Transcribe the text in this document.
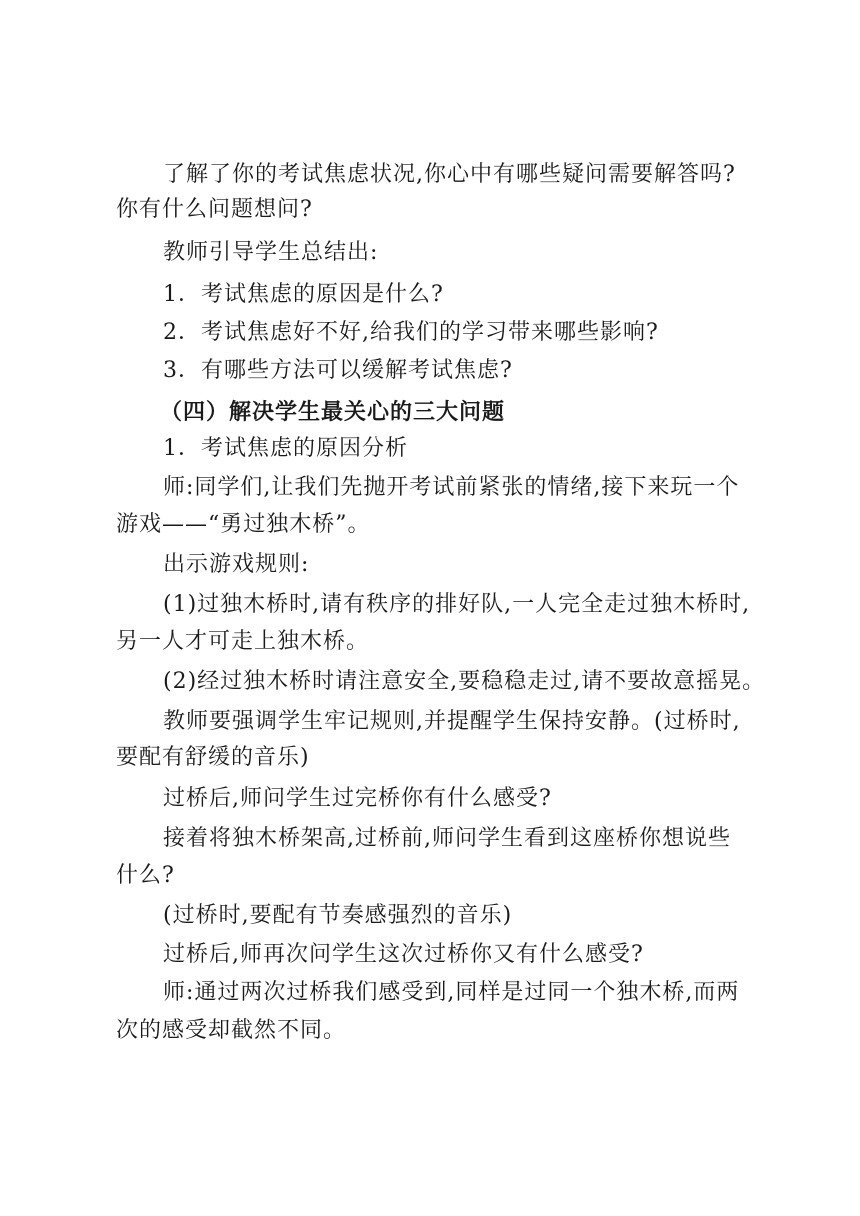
了解了你的考试焦虑状况,你心中有哪些疑问需要解答吗?
你有什么问题想问?
教师引导学生总结出:
1．考试焦虑的原因是什么?
2．考试焦虑好不好,给我们的学习带来哪些影响?
3．有哪些方法可以缓解考试焦虑?
（四）解决学生最关心的三大问题
1．考试焦虑的原因分析
师:同学们,让我们先抛开考试前紧张的情绪,接下来玩一个
游戏——“勇过独木桥”。
出示游戏规则:
(1)过独木桥时,请有秩序的排好队,一人完全走过独木桥时,
另一人才可走上独木桥。
(2)经过独木桥时请注意安全,要稳稳走过,请不要故意摇晃。
教师要强调学生牢记规则,并提醒学生保持安静。(过桥时,
要配有舒缓的音乐)
过桥后,师问学生过完桥你有什么感受?
接着将独木桥架高,过桥前,师问学生看到这座桥你想说些
什么?
(过桥时,要配有节奏感强烈的音乐)
过桥后,师再次问学生这次过桥你又有什么感受?
师:通过两次过桥我们感受到,同样是过同一个独木桥,而两
次的感受却截然不同。
